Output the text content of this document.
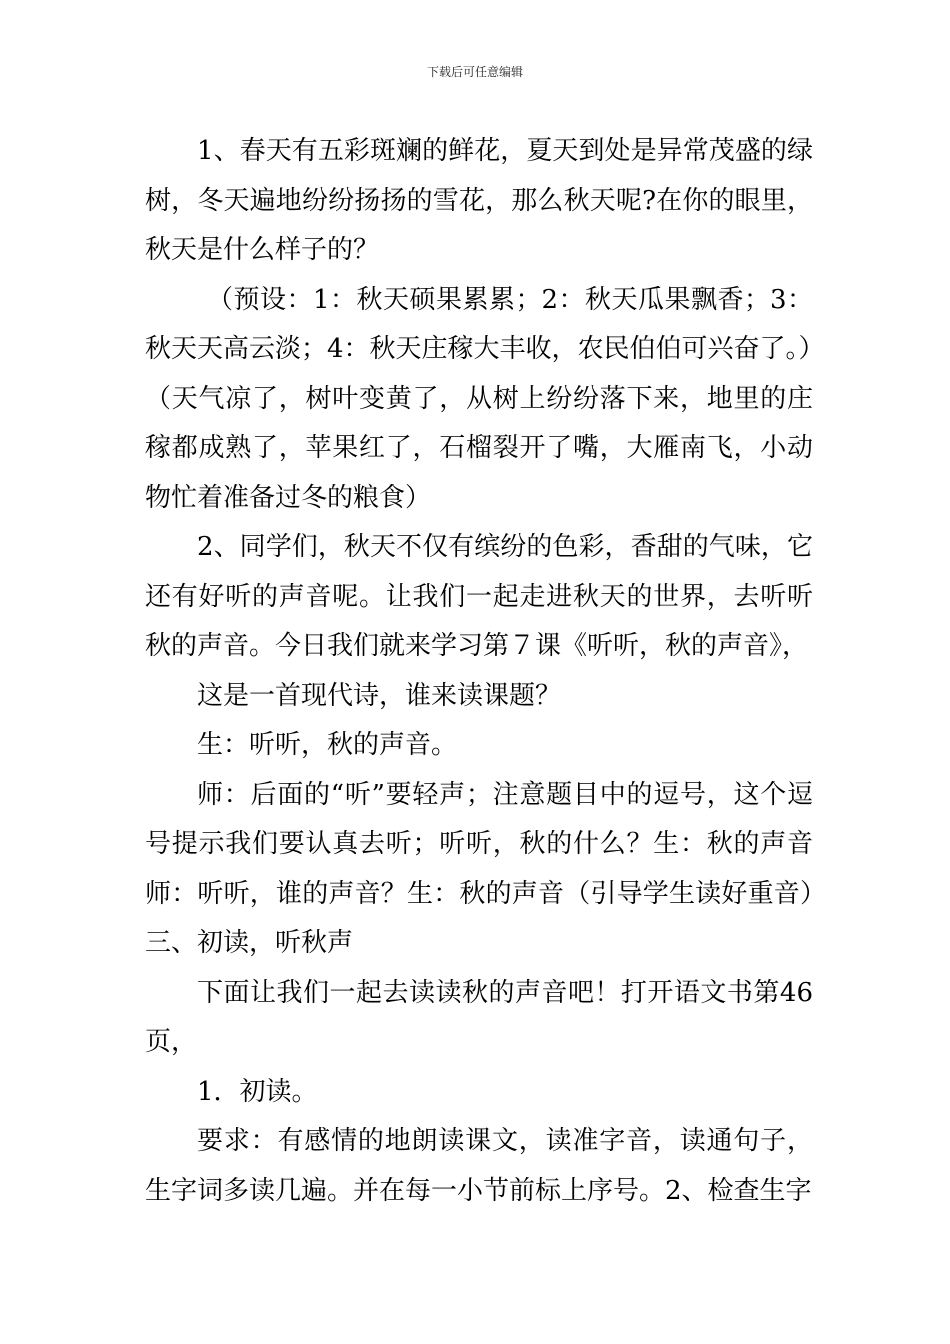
下载后可任意编辑

1、春天有五彩斑斓的鲜花，夏天到处是异常茂盛的绿树，冬天遍地纷纷扬扬的雪花，那么秋天呢?在你的眼里，秋天是什么样子的？

（预设：1：秋天硕果累累；2：秋天瓜果飘香；3：秋天天高云淡；4：秋天庄稼大丰收，农民伯伯可兴奋了。）

（天气凉了，树叶变黄了，从树上纷纷落下来，地里的庄稼都成熟了，苹果红了，石榴裂开了嘴，大雁南飞，小动物忙着准备过冬的粮食）

2、同学们，秋天不仅有缤纷的色彩，香甜的气味，它还有好听的声音呢。让我们一起走进秋天的世界，去听听秋的声音。今日我们就来学习第７课《听听，秋的声音》，

这是一首现代诗，谁来读课题？

生：听听，秋的声音。

师：后面的“听”要轻声；注意题目中的逗号，这个逗号提示我们要认真去听；听听，秋的什么？生：秋的声音师：听听，谁的声音？生：秋的声音（引导学生读好重音）三、初读，听秋声

下面让我们一起去读读秋的声音吧！打开语文书第46页，

1．初读。

要求：有感情的地朗读课文，读准字音，读通句子，生字词多读几遍。并在每一小节前标上序号。2、检查生字
